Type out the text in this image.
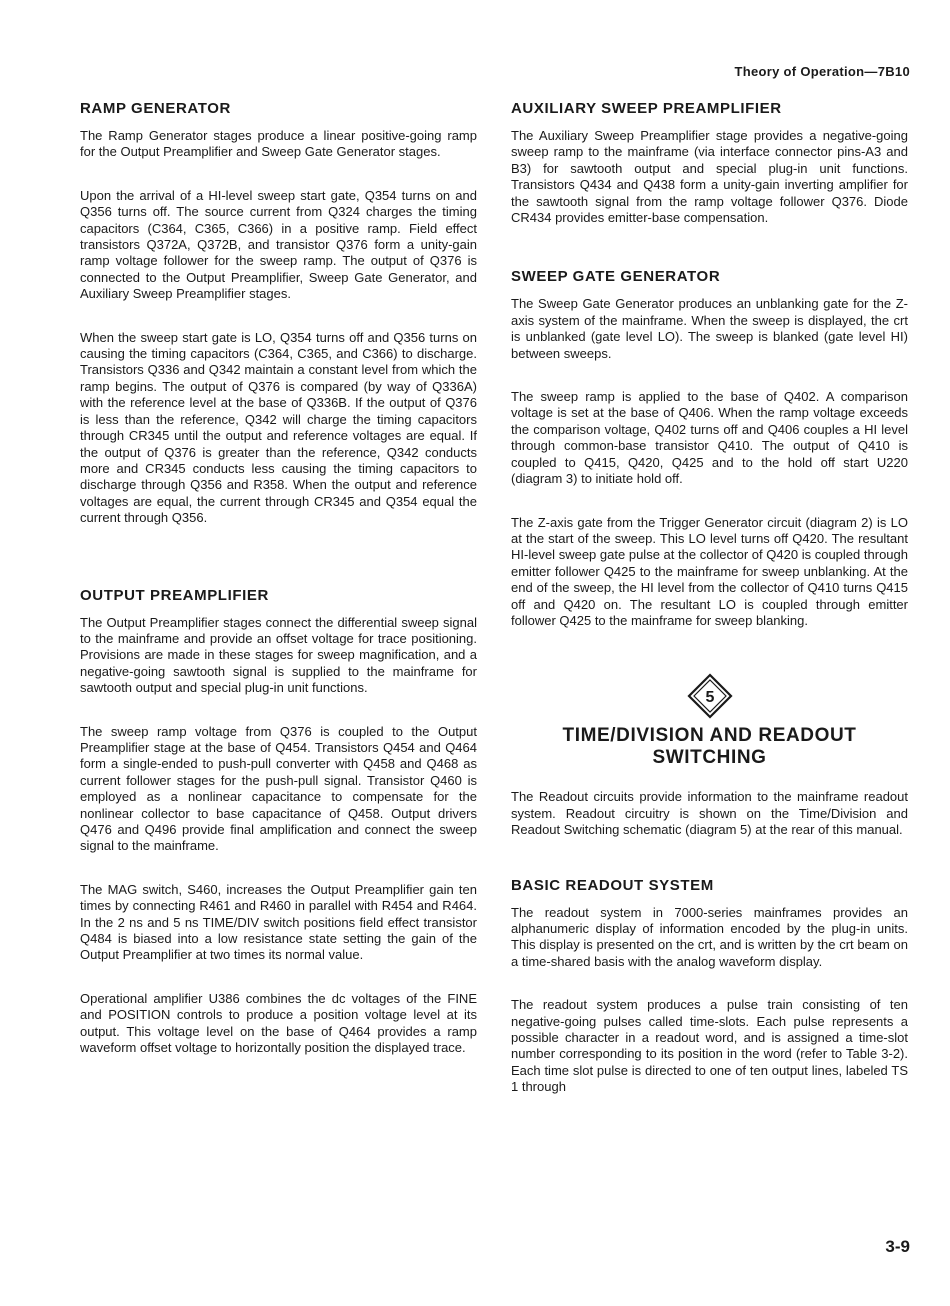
Theory of Operation—7B10
RAMP GENERATOR

The Ramp Generator stages produce a linear positive-going ramp for the Output Preamplifier and Sweep Gate Generator stages.

Upon the arrival of a HI-level sweep start gate, Q354 turns on and Q356 turns off. The source current from Q324 charges the timing capacitors (C364, C365, C366) in a positive ramp. Field effect transistors Q372A, Q372B, and transistor Q376 form a unity-gain ramp voltage follower for the sweep ramp. The output of Q376 is connected to the Output Preamplifier, Sweep Gate Generator, and Auxiliary Sweep Preamplifier stages.

When the sweep start gate is LO, Q354 turns off and Q356 turns on causing the timing capacitors (C364, C365, and C366) to discharge. Transistors Q336 and Q342 maintain a constant level from which the ramp begins. The output of Q376 is compared (by way of Q336A) with the reference level at the base of Q336B. If the output of Q376 is less than the reference, Q342 will charge the timing capacitors through CR345 until the output and reference voltages are equal. If the output of Q376 is greater than the reference, Q342 conducts more and CR345 conducts less causing the timing capacitors to discharge through Q356 and R358. When the output and reference voltages are equal, the current through CR345 and Q354 equal the current through Q356.

OUTPUT PREAMPLIFIER

The Output Preamplifier stages connect the differential sweep signal to the mainframe and provide an offset voltage for trace positioning. Provisions are made in these stages for sweep magnification, and a negative-going sawtooth signal is supplied to the mainframe for sawtooth output and special plug-in unit functions.

The sweep ramp voltage from Q376 is coupled to the Output Preamplifier stage at the base of Q454. Transistors Q454 and Q464 form a single-ended to push-pull converter with Q458 and Q468 as current follower stages for the push-pull signal. Transistor Q460 is employed as a nonlinear capacitance to compensate for the nonlinear collector to base capacitance of Q458. Output drivers Q476 and Q496 provide final amplification and connect the sweep signal to the mainframe.

The MAG switch, S460, increases the Output Preamplifier gain ten times by connecting R461 and R460 in parallel with R454 and R464. In the 2 ns and 5 ns TIME/DIV switch positions field effect transistor Q484 is biased into a low resistance state setting the gain of the Output Preamplifier at two times its normal value.

Operational amplifier U386 combines the dc voltages of the FINE and POSITION controls to produce a position voltage level at its output. This voltage level on the base of Q464 provides a ramp waveform offset voltage to horizontally position the displayed trace.

AUXILIARY SWEEP PREAMPLIFIER

The Auxiliary Sweep Preamplifier stage provides a negative-going sweep ramp to the mainframe (via interface connector pins-A3 and B3) for sawtooth output and special plug-in unit functions. Transistors Q434 and Q438 form a unity-gain inverting amplifier for the sawtooth signal from the ramp voltage follower Q376. Diode CR434 provides emitter-base compensation.

SWEEP GATE GENERATOR

The Sweep Gate Generator produces an unblanking gate for the Z-axis system of the mainframe. When the sweep is displayed, the crt is unblanked (gate level LO). The sweep is blanked (gate level HI) between sweeps.

The sweep ramp is applied to the base of Q402. A comparison voltage is set at the base of Q406. When the ramp voltage exceeds the comparison voltage, Q402 turns off and Q406 couples a HI level through common-base transistor Q410. The output of Q410 is coupled to Q415, Q420, Q425 and to the hold off start U220 (diagram 3) to initiate hold off.

The Z-axis gate from the Trigger Generator circuit (diagram 2) is LO at the start of the sweep. This LO level turns off Q420. The resultant HI-level sweep gate pulse at the collector of Q420 is coupled through emitter follower Q425 to the mainframe for sweep unblanking. At the end of the sweep, the HI level from the collector of Q410 turns Q415 off and Q420 on. The resultant LO is coupled through emitter follower Q425 to the mainframe for sweep blanking.

5
TIME/DIVISION AND READOUT SWITCHING

The Readout circuits provide information to the mainframe readout system. Readout circuitry is shown on the Time/Division and Readout Switching schematic (diagram 5) at the rear of this manual.

BASIC READOUT SYSTEM

The readout system in 7000-series mainframes provides an alphanumeric display of information encoded by the plug-in units. This display is presented on the crt, and is written by the crt beam on a time-shared basis with the analog waveform display.

The readout system produces a pulse train consisting of ten negative-going pulses called time-slots. Each pulse represents a possible character in a readout word, and is assigned a time-slot number corresponding to its position in the word (refer to Table 3-2). Each time slot pulse is directed to one of ten output lines, labeled TS 1 through

3-9
